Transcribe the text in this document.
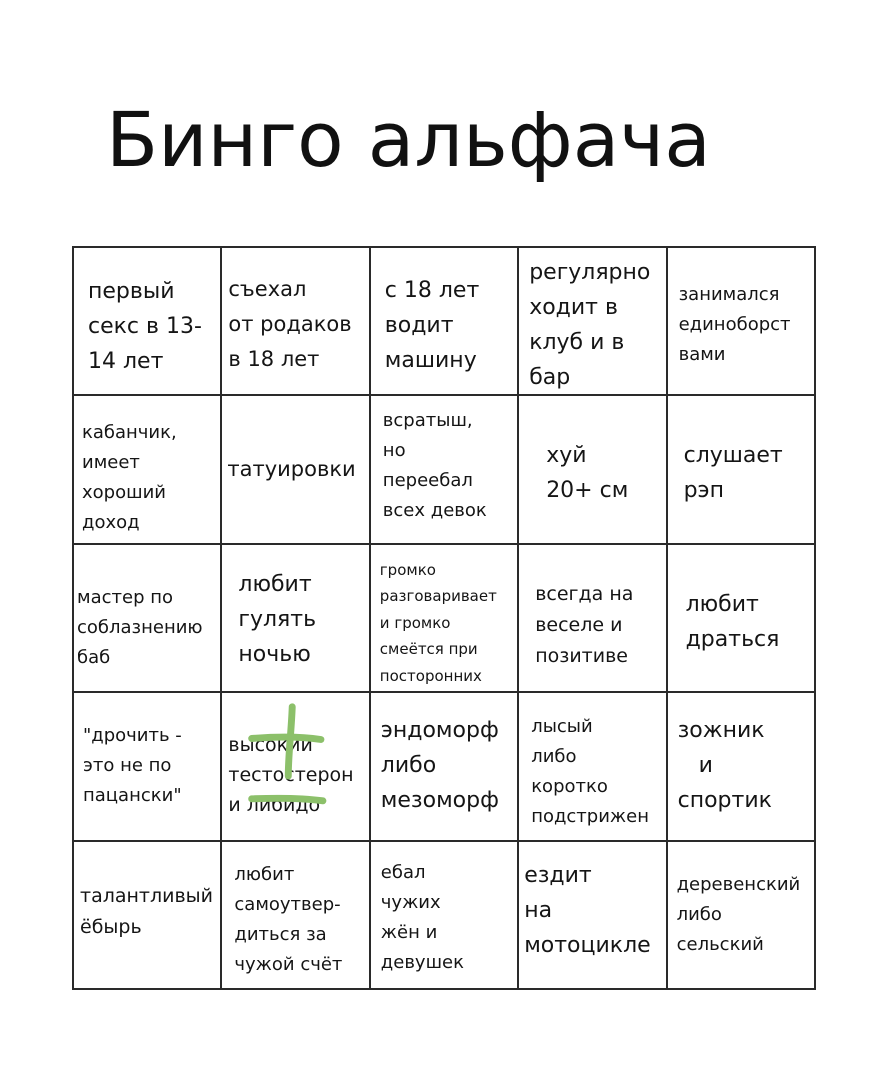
Бинго альфача
первый
секс в 13-
14 лет
съехал
от родаков
в 18 лет
с 18 лет
водит
машину
регулярно
ходит в
клуб и в
бар
занимался
единоборст
вами
кабанчик,
имеет
хороший
доход
татуировки
всратыш,
но
переебал
всех девок
хуй
20+ см
слушает
рэп
мастер по
соблазнению
баб
любит
гулять
ночью
громко
разговаривает
и громко
смеётся при
посторонних
всегда на
веселе и
позитиве
любит
драться
"дрочить -
это не по
пацански"
высокий
тестостерон
и либидо
эндоморф
либо
мезоморф
лысый
либо
коротко
подстрижен
зожник
и
спортик
талантливый
ёбырь
любит
самоутвер-
диться за
чужой счёт
ебал
чужих
жён и
девушек
ездит
на
мотоцикле
деревенский
либо
сельский
